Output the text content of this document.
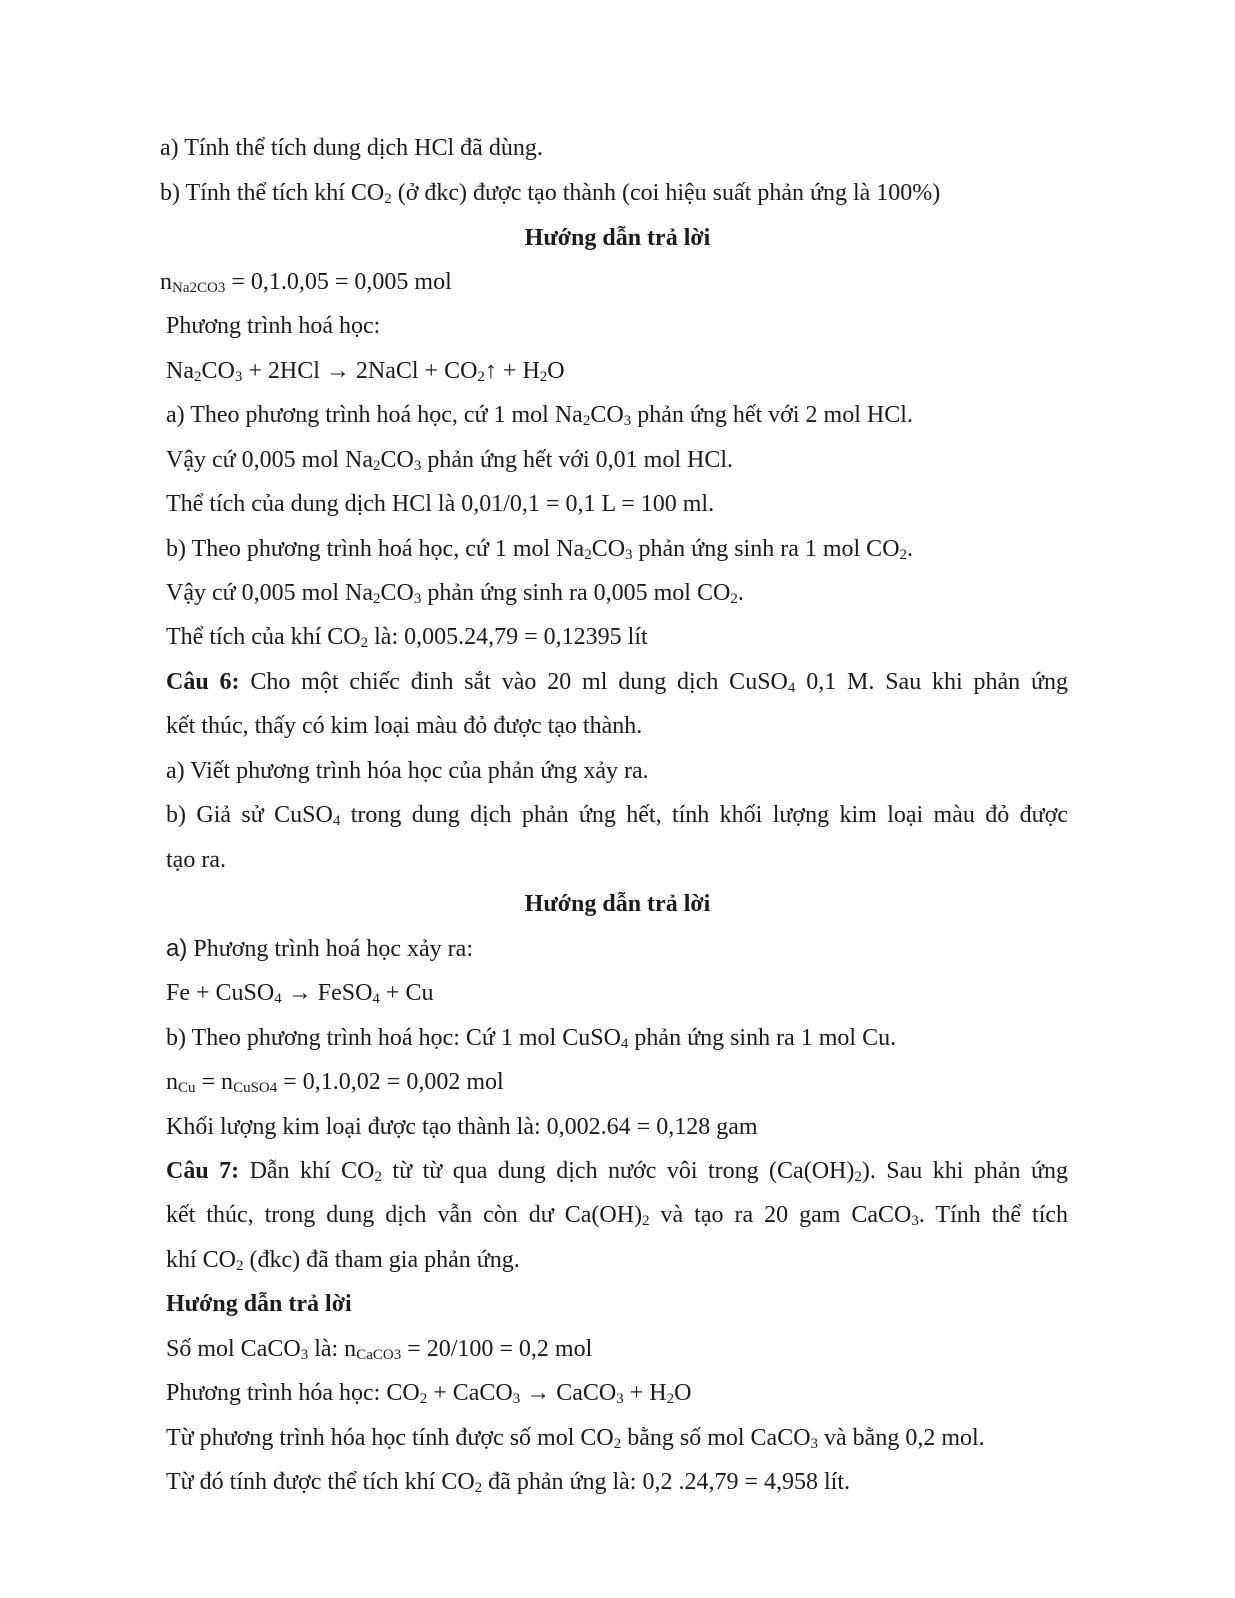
a) Tính thể tích dung dịch HCl đã dùng.
b) Tính thể tích khí $CO_2$ (ở đkc) được tạo thành (coi hiệu suất phản ứng là 100%)
Hướng dẫn trả lời
$n_{Na2CO3} = 0,1.0,05 = 0,005$ mol
Phương trình hoá học:
$Na_2CO_3 + 2HCl$ → 2NaCl + $CO_2↑ + H_2O$
a) Theo phương trình hoá học, cứ 1 mol $Na_2CO_3$ phản ứng hết với 2 mol HCl.
Vậy cứ 0,005 mol $Na_2CO_3$ phản ứng hết với 0,01 mol HCl.
Thể tích của dung dịch HCl là 0,01/0,1 = 0,1 L = 100 ml.
b) Theo phương trình hoá học, cứ 1 mol $Na_2CO_3$ phản ứng sinh ra 1 mol $CO_2$.
Vậy cứ 0,005 mol $Na_2CO_3$ phản ứng sinh ra 0,005 mol $CO_2$.
Thể tích của khí $CO_2$ là: 0,005.24,79 = 0,12395 lít
Câu 6: Cho một chiếc đinh sắt vào 20 ml dung dịch CuSO$_4$ 0,1 M. Sau khi phản ứng
kết thúc, thấy có kim loại màu đỏ được tạo thành.
a) Viết phương trình hóa học của phản ứng xảy ra.
b) Giả sử CuSO$_4$ trong dung dịch phản ứng hết, tính khối lượng kim loại màu đỏ được
tạo ra.
Hướng dẫn trả lời
a) Phương trình hoá học xảy ra:
Fe + CuSO$_4$ → FeSO$_4$ + Cu
b) Theo phương trình hoá học: Cứ 1 mol CuSO$_4$ phản ứng sinh ra 1 mol Cu.
$n_{Cu} = n_{CuSO4} = 0,1.0,02 = 0,002$ mol
Khối lượng kim loại được tạo thành là: 0,002.64 = 0,128 gam
Câu 7: Dẫn khí $CO_2$ từ từ qua dung dịch nước vôi trong $(Ca(OH)_2)$. Sau khi phản ứng
kết thúc, trong dung dịch vẫn còn dư $Ca(OH)_2$ và tạo ra 20 gam CaCO$_3$. Tính thể tích
khí $CO_2$ (đkc) đã tham gia phản ứng.
Hướng dẫn trả lời
Số mol CaCO$_3$ là: $n_{CaCO3} = 20/100 = 0,2$ mol
Phương trình hóa học: $CO_2$ + CaCO$_3$ → CaCO$_3$ + $H_2O$
Từ phương trình hóa học tính được số mol $CO_2$ bằng số mol CaCO$_3$ và bằng 0,2 mol.
Từ đó tính được thể tích khí $CO_2$ đã phản ứng là: 0,2 .24,79 = 4,958 lít.
